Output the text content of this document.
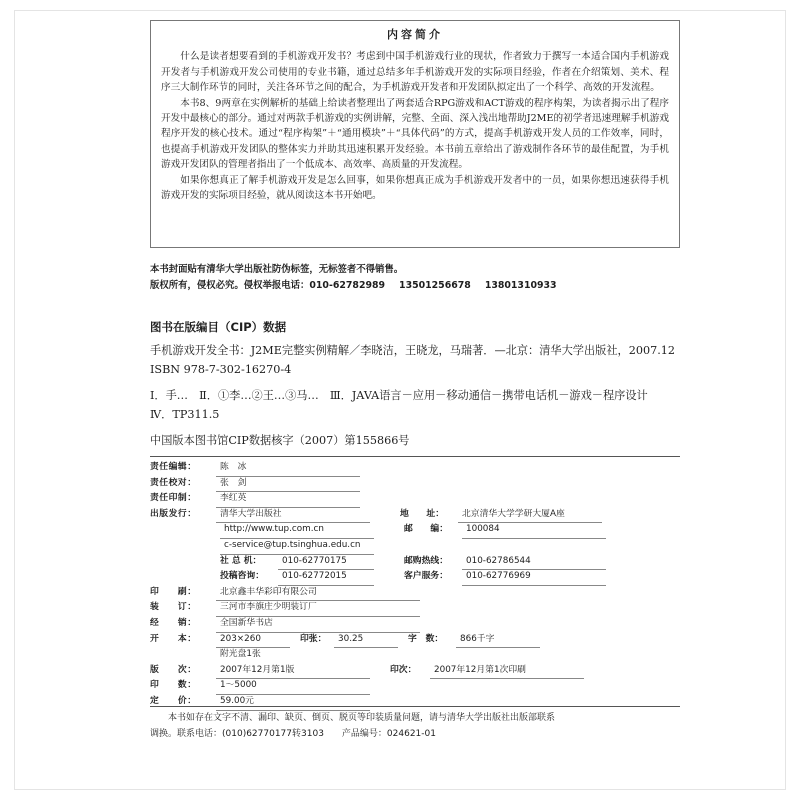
内容简介

什么是读者想要看到的手机游戏开发书？考虑到中国手机游戏行业的现状，作者致力于撰写一本适合国内手机游戏开发者与手机游戏开发公司使用的专业书籍，通过总结多年手机游戏开发的实际项目经验，作者在介绍策划、美术、程序三大制作环节的同时，关注各环节之间的配合，为手机游戏开发者和开发团队拟定出了一个科学、高效的开发流程。

本书8、9两章在实例解析的基础上给读者整理出了两套适合RPG游戏和ACT游戏的程序构架，为读者揭示出了程序开发中最核心的部分。通过对两款手机游戏的实例讲解，完整、全面、深入浅出地帮助J2ME的初学者迅速理解手机游戏程序开发的核心技术。通过“程序构架”＋“通用模块”＋“具体代码”的方式，提高手机游戏开发人员的工作效率，同时，也提高手机游戏开发团队的整体实力并助其迅速积累开发经验。本书前五章给出了游戏制作各环节的最佳配置，为手机游戏开发团队的管理者指出了一个低成本、高效率、高质量的开发流程。

如果你想真正了解手机游戏开发是怎么回事，如果你想真正成为手机游戏开发者中的一员，如果你想迅速获得手机游戏开发的实际项目经验，就从阅读这本书开始吧。

本书封面贴有清华大学出版社防伪标签，无标签者不得销售。
版权所有，侵权必究。侵权举报电话：010-62782989 13501256678 13801310933
图书在版编目（CIP）数据
手机游戏开发全书：J2ME完整实例精解／李晓洁，王晓龙，马瑞著．—北京：清华大学出版社，2007.12
ISBN 978-7-302-16270-4
Ⅰ．手…　Ⅱ．①李…②王…③马…　Ⅲ．JAVA语言－应用－移动通信－携带电话机－游戏－程序设计
Ⅳ．TP311.5
中国版本图书馆CIP数据核字（2007）第155866号
责任编辑：	陈　冰
责任校对：	张　剑
责任印制：	李红英
出版发行：	清华大学出版社	地　　址：	北京清华大学学研大厦A座
http://www.tup.com.cn	邮　　编：	100084
c-service@tup.tsinghua.edu.cn
社 总 机：	010-62770175	邮购热线：	010-62786544
投稿咨询：	010-62772015	客户服务：	010-62776969
印　　刷：	北京鑫丰华彩印有限公司
装　　订：	三河市李旗庄少明装订厂
经　　销：	全国新华书店
开　　本：	203×260	印张：	30.25	字　数：	866千字
附光盘1张
版　　次：	2007年12月第1版	印次：	2007年12月第1次印刷
印　　数：	1～5000
定　　价：	59.00元
本书如存在文字不清、漏印、缺页、倒页、脱页等印装质量问题，请与清华大学出版社出版部联系
调换。联系电话：(010)62770177转3103　　产品编号：024621-01
